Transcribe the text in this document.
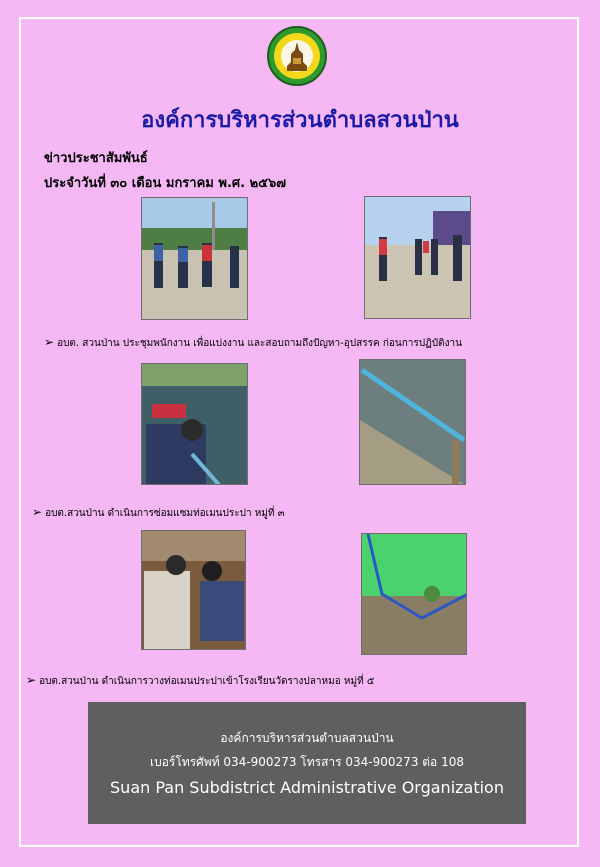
องค์การบริหารส่วนตำบลสวนป่าน
ข่าวประชาสัมพันธ์
ประจำวันที่ ๓๐ เดือน มกราคม พ.ศ. ๒๕๖๗
➢ อบต. สวนป่าน ประชุมพนักงาน เพื่อแบ่งงาน และสอบถามถึงปัญหา-อุปสรรค ก่อนการปฏิบัติงาน
➢ อบต.สวนป่าน ดำเนินการซ่อมแซมท่อเมนประปา หมู่ที่ ๓
➢ อบต.สวนป่าน ดำเนินการวางท่อเมนประปาเข้าโรงเรียนวัดรางปลาหมอ หมู่ที่ ๕
องค์การบริหารส่วนตำบลสวนป่าน
เบอร์โทรศัพท์ 034-900273 โทรสาร 034-900273 ต่อ 108
Suan Pan Subdistrict Administrative Organization
